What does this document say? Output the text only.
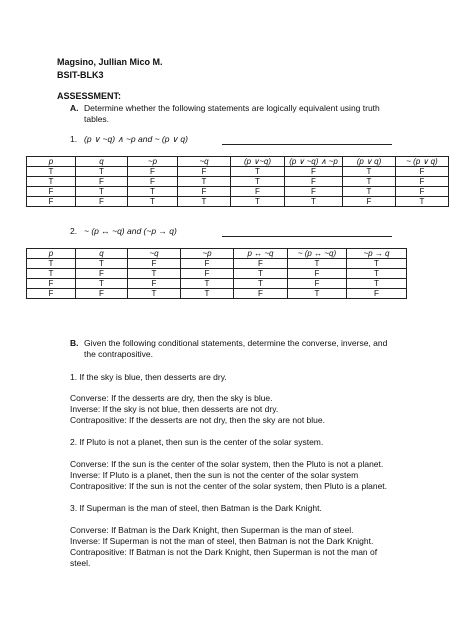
Magsino, Jullian Mico M.
BSIT-BLK3
ASSESSMENT:
A. Determine whether the following statements are logically equivalent using truth
tables.
1. (p ∨ ~q) ∧ ~p and ~ (p ∨ q)
p	q	~p	~q	(p ∨~q)	(p ∨ ~q) ∧ ~p	(p ∨ q)	~ (p ∨ q)
T	T	F	F	T	F	T	F
T	F	F	T	T	F	T	F
F	T	T	F	F	F	T	F
F	F	T	T	T	T	F	T
2. ~ (p ↔ ~q) and (~p → q)
p	q	~q	~p	p ↔ ~q	~ (p ↔ ~q)	~p → q
T	T	F	F	F	T	T
T	F	T	F	T	F	T
F	T	F	T	T	F	T
F	F	T	T	F	T	F
B. Given the following conditional statements, determine the converse, inverse, and
the contrapositive.
1. If the sky is blue, then desserts are dry.
Converse: If the desserts are dry, then the sky is blue.
Inverse: If the sky is not blue, then desserts are not dry.
Contrapositive: If the desserts are not dry, then the sky are not blue.
2. If Pluto is not a planet, then sun is the center of the solar system.
Converse: If the sun is the center of the solar system, then the Pluto is not a planet.
Inverse: If Pluto is a planet, then the sun is not the center of the solar system
Contrapositive: If the sun is not the center of the solar system, then Pluto is a planet.
3. If Superman is the man of steel, then Batman is the Dark Knight.
Converse: If Batman is the Dark Knight, then Superman is the man of steel.
Inverse: If Superman is not the man of steel, then Batman is not the Dark Knight.
Contrapositive: If Batman is not the Dark Knight, then Superman is not the man of
steel.
